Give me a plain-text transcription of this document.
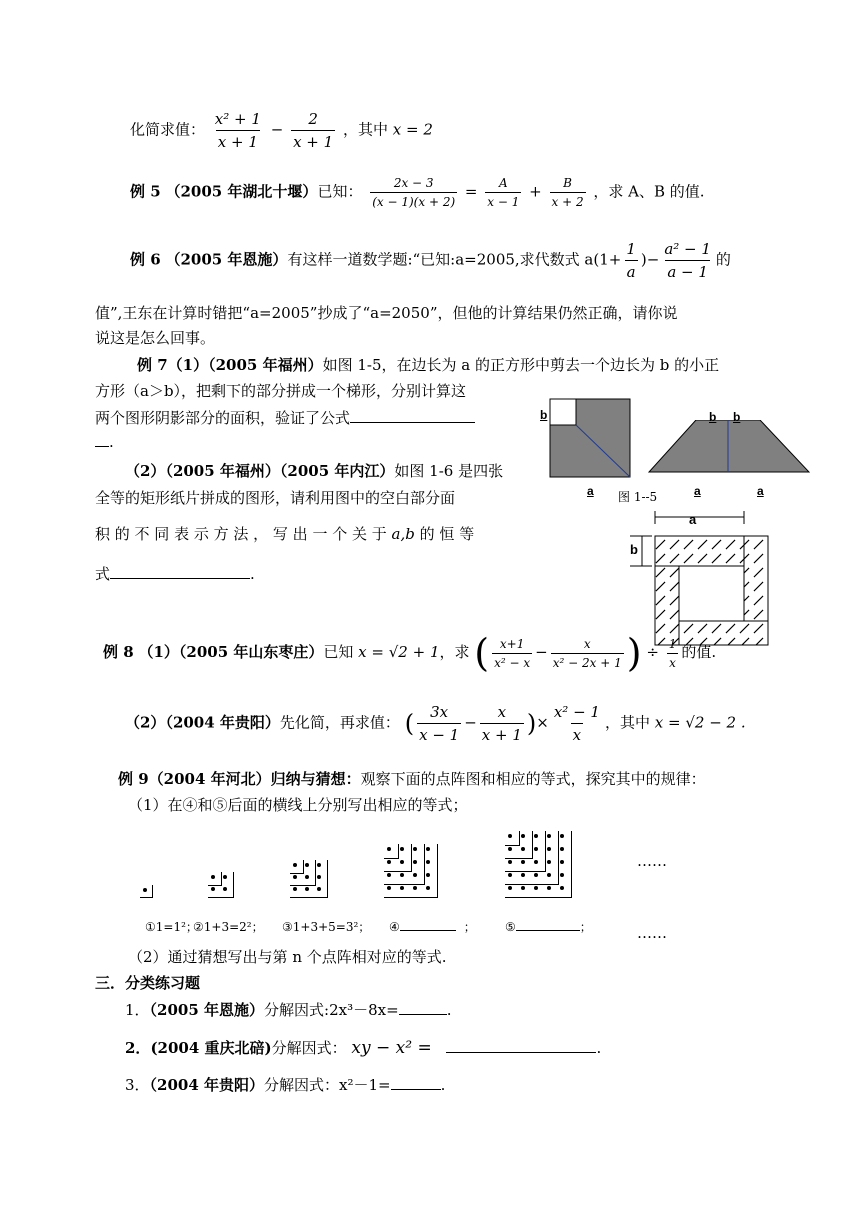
化简求值： $\frac{\text{x² + 1}}{x + 1} - \frac{2}{x + 1}$ ，其中 x = 2
例 5 （2005 年湖北十堰）已知： $\frac{2x - 3}{(x - 1)(x + 2)} = \frac{A}{x - 1} + \frac{B}{x + 2}$ ，求 A、B 的值.
例 6 （2005 年恩施）有这样一道数学题:“已知:a=2005,求代数式 $a(1+ \frac{1}{a}$ )− $\frac{\text{a² − 1}}{a - 1}$ 的
值”,王东在计算时错把“a=2005”抄成了“a=2050”，但他的计算结果仍然正确，请你说
说这是怎么回事。
例 7（1）（2005 年福州）如图 1-5，在边长为 a 的正方形中剪去一个边长为 b 的小正
方形（a＞b），把剩下的部分拼成一个梯形，分别计算这
两个图形阴影部分的面积，验证了公式
.
（2）（2005 年福州）（2005 年内江）如图 1-6 是四张
全等的矩形纸片拼成的图形，请利用图中的空白部分面
积 的 不 同 表 示 方 法 ， 写 出 一 个 关 于 a,b 的 恒 等
式	.
b	b b
a 图 1--5	a	a
a
b
例 8 （1）（2005 年山东枣庄）已知 x = √2 + 1，求 ( $\frac{x+1}{\text{x² − x}} - \frac{x}{\text{x² − 2x + 1}}$ ) ÷ $\frac{1}{x}$ 的值.
（2）（2004 年贵阳）先化简，再求值： ( $\frac{3x}{x - 1} - \frac{x}{x + 1}$ )× $\frac{\text{x² − 1}}{x}$ ，其中 x = √2 − 2 .
例 9（2004 年河北）归纳与猜想：观察下面的点阵图和相应的等式，探究其中的规律：
（1）在④和⑤后面的横线上分别写出相应的等式；
……
①1=1²；
②1+3=2²； ③1+3+5=3²； ④	； ⑤	；	……
（2）通过猜想写出与第 n 个点阵相对应的等式.
三．分类练习题
1．（2005 年恩施）分解因式:2x³－8x=	.
2．(2004 重庆北碚)分解因式： xy − x² =	.
3．（2004 年贵阳）分解因式：x²－1=	.
